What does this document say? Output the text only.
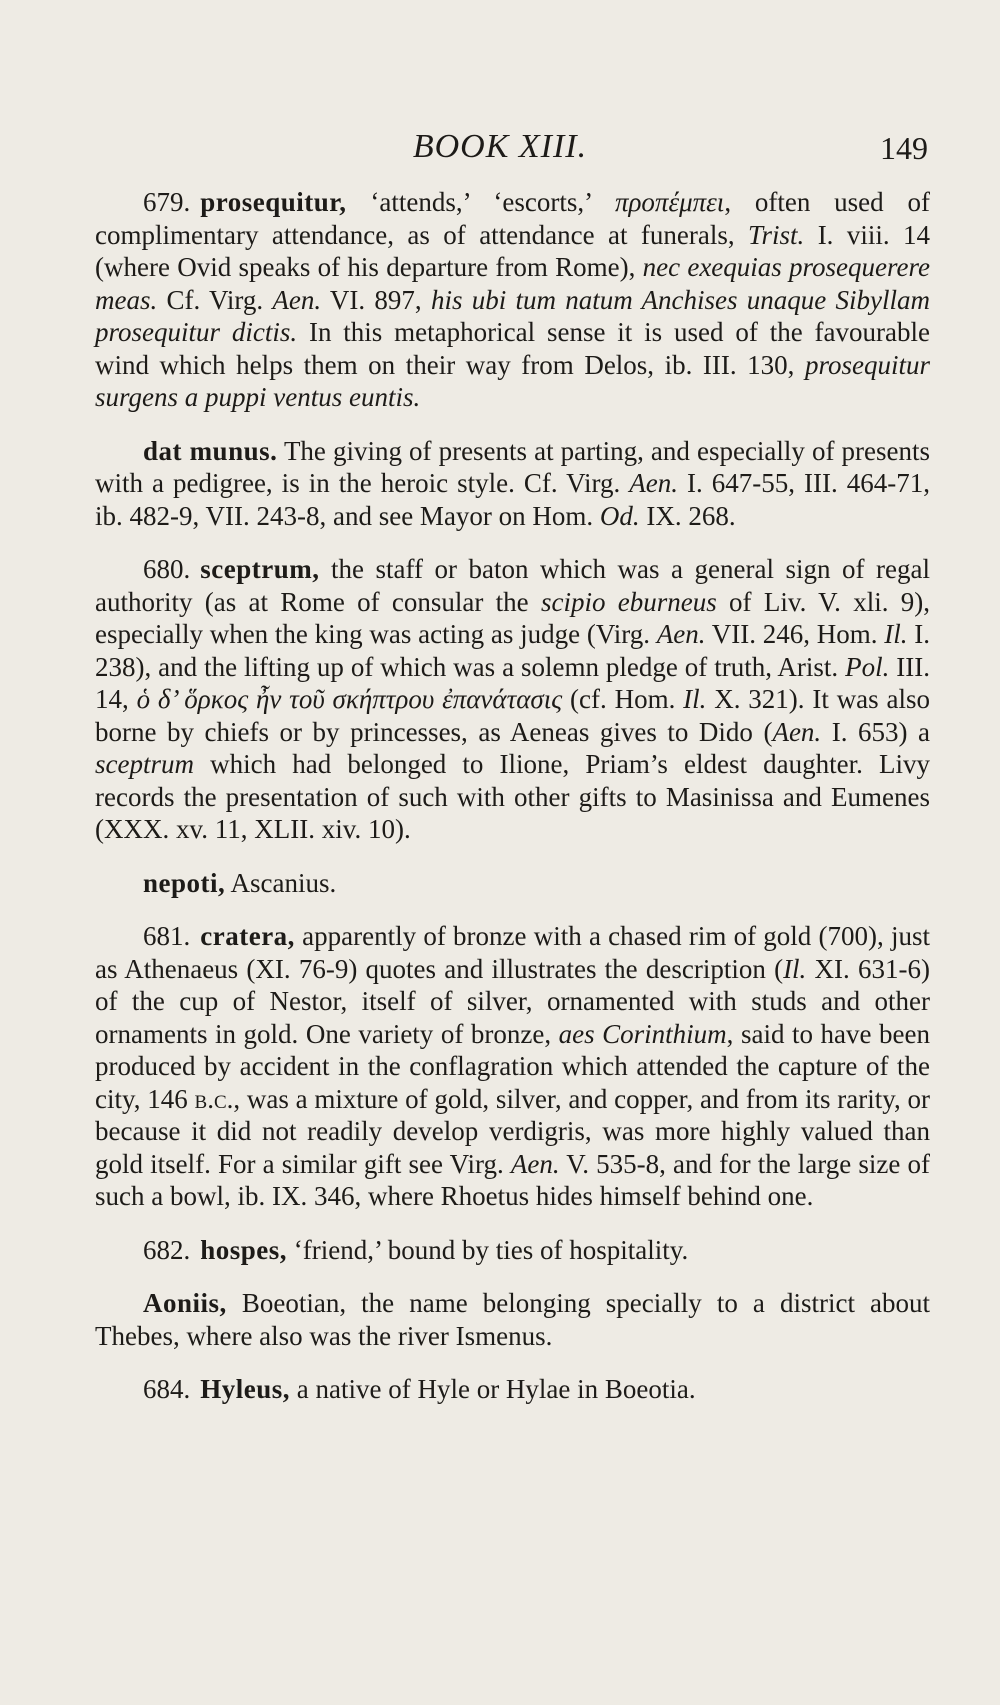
BOOK XIII.	149

679. prosequitur, ‘attends,’ ‘escorts,’ προπέμπει, often used of complimentary attendance, as of attendance at funerals, Trist. I. viii. 14 (where Ovid speaks of his departure from Rome), nec exequias prosequerere meas. Cf. Virg. Aen. VI. 897, his ubi tum natum Anchises unaque Sibyllam prosequitur dictis. In this metaphorical sense it is used of the favourable wind which helps them on their way from Delos, ib. III. 130, prosequitur surgens a puppi ventus euntis.

dat munus. The giving of presents at parting, and especially of presents with a pedigree, is in the heroic style. Cf. Virg. Aen. I. 647-55, III. 464-71, ib. 482-9, VII. 243-8, and see Mayor on Hom. Od. IX. 268.

680. sceptrum, the staff or baton which was a general sign of regal authority (as at Rome of consular the scipio eburneus of Liv. V. xli. 9), especially when the king was acting as judge (Virg. Aen. VII. 246, Hom. Il. I. 238), and the lifting up of which was a solemn pledge of truth, Arist. Pol. III. 14, ὁ δ’ ὅρκος ἦν τοῦ σκήπτρου ἐπανάτασις (cf. Hom. Il. X. 321). It was also borne by chiefs or by princesses, as Aeneas gives to Dido (Aen. I. 653) a sceptrum which had belonged to Ilione, Priam’s eldest daughter. Livy records the presentation of such with other gifts to Masinissa and Eumenes (XXX. xv. 11, XLII. xiv. 10).

nepoti, Ascanius.

681. cratera, apparently of bronze with a chased rim of gold (700), just as Athenaeus (XI. 76-9) quotes and illustrates the description (Il. XI. 631-6) of the cup of Nestor, itself of silver, ornamented with studs and other ornaments in gold. One variety of bronze, aes Corinthium, said to have been produced by accident in the conflagration which attended the capture of the city, 146 b.c., was a mixture of gold, silver, and copper, and from its rarity, or because it did not readily develop verdigris, was more highly valued than gold itself. For a similar gift see Virg. Aen. V. 535-8, and for the large size of such a bowl, ib. IX. 346, where Rhoetus hides himself behind one.

682. hospes, ‘friend,’ bound by ties of hospitality.

Aoniis, Boeotian, the name belonging specially to a district about Thebes, where also was the river Ismenus.

684. Hyleus, a native of Hyle or Hylae in Boeotia.
